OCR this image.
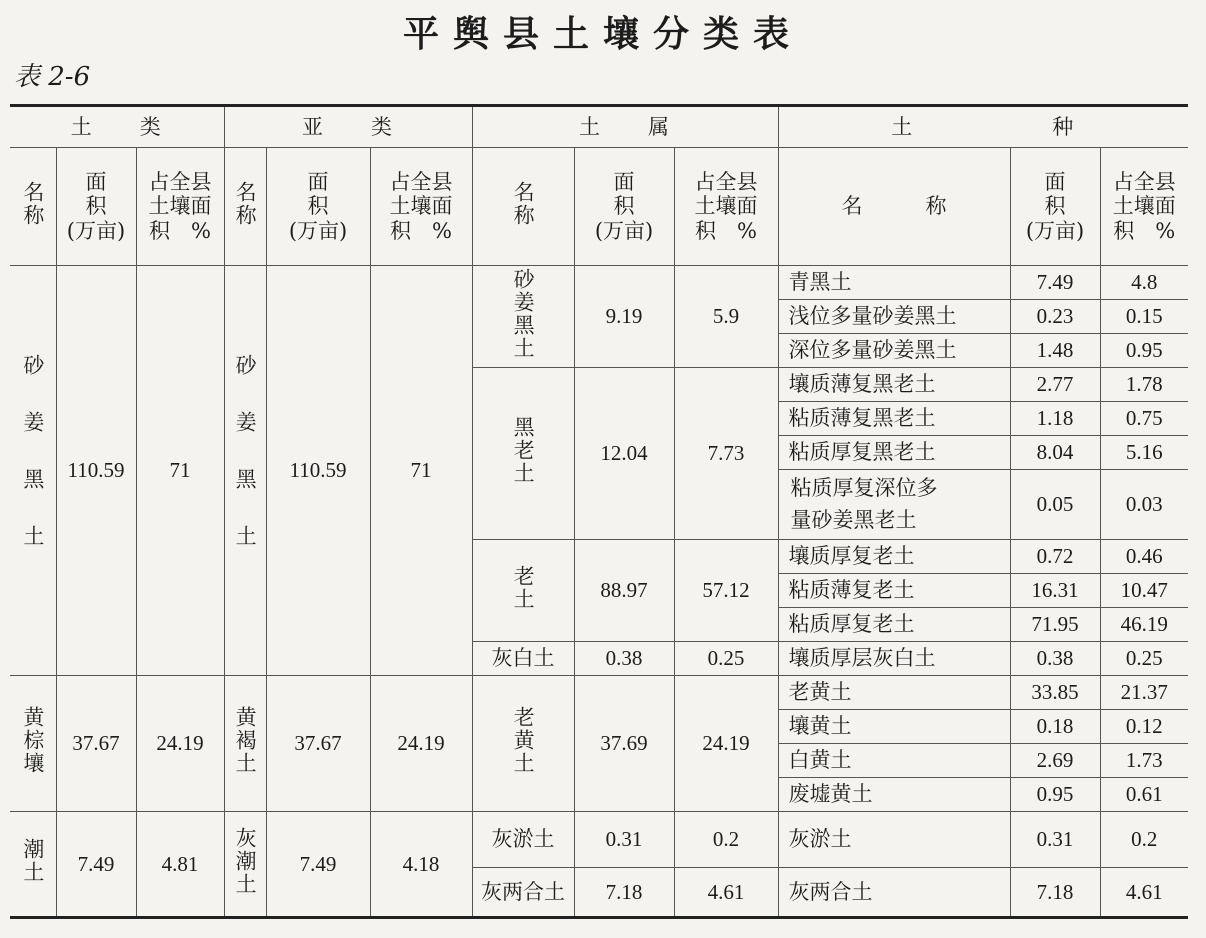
平舆县土壤分类表
表 2-6
土　　类			亚　　类			土　　属			土　　　　　　种		
名称	面
积
(万亩)	占全县
土壤面
积　%	名称	面
积
(万亩)	占全县
土壤面
积　%	名称	面
积
(万亩)	占全县
土壤面
积　%	名　　　称	面
积
(万亩)	占全县
土壤面
积　%
砂姜黑土	110.59	71	砂姜黑土	110.59	71	砂姜黑土	9.19	5.9	青黑土	7.49	4.8
									浅位多量砂姜黑土	0.23	0.15
									深位多量砂姜黑土	1.48	0.95
						黑老土	12.04	7.73	壤质薄复黑老土	2.77	1.78
									粘质薄复黑老土	1.18	0.75
									粘质厚复黑老土	8.04	5.16
									粘质厚复深位多
量砂姜黑老土	0.05	0.03
						老土	88.97	57.12	壤质厚复老土	0.72	0.46
									粘质薄复老土	16.31	10.47
									粘质厚复老土	71.95	46.19
						灰白土	0.38	0.25	壤质厚层灰白土	0.38	0.25
黄棕壤	37.67	24.19	黄褐土	37.67	24.19	老黄土	37.69	24.19	老黄土	33.85	21.37
									壤黄土	0.18	0.12
									白黄土	2.69	1.73
									废墟黄土	0.95	0.61
潮土	7.49	4.81	灰潮土	7.49	4.18	灰淤土	0.31	0.2	灰淤土	0.31	0.2
						灰两合土	7.18	4.61	灰两合土	7.18	4.61
